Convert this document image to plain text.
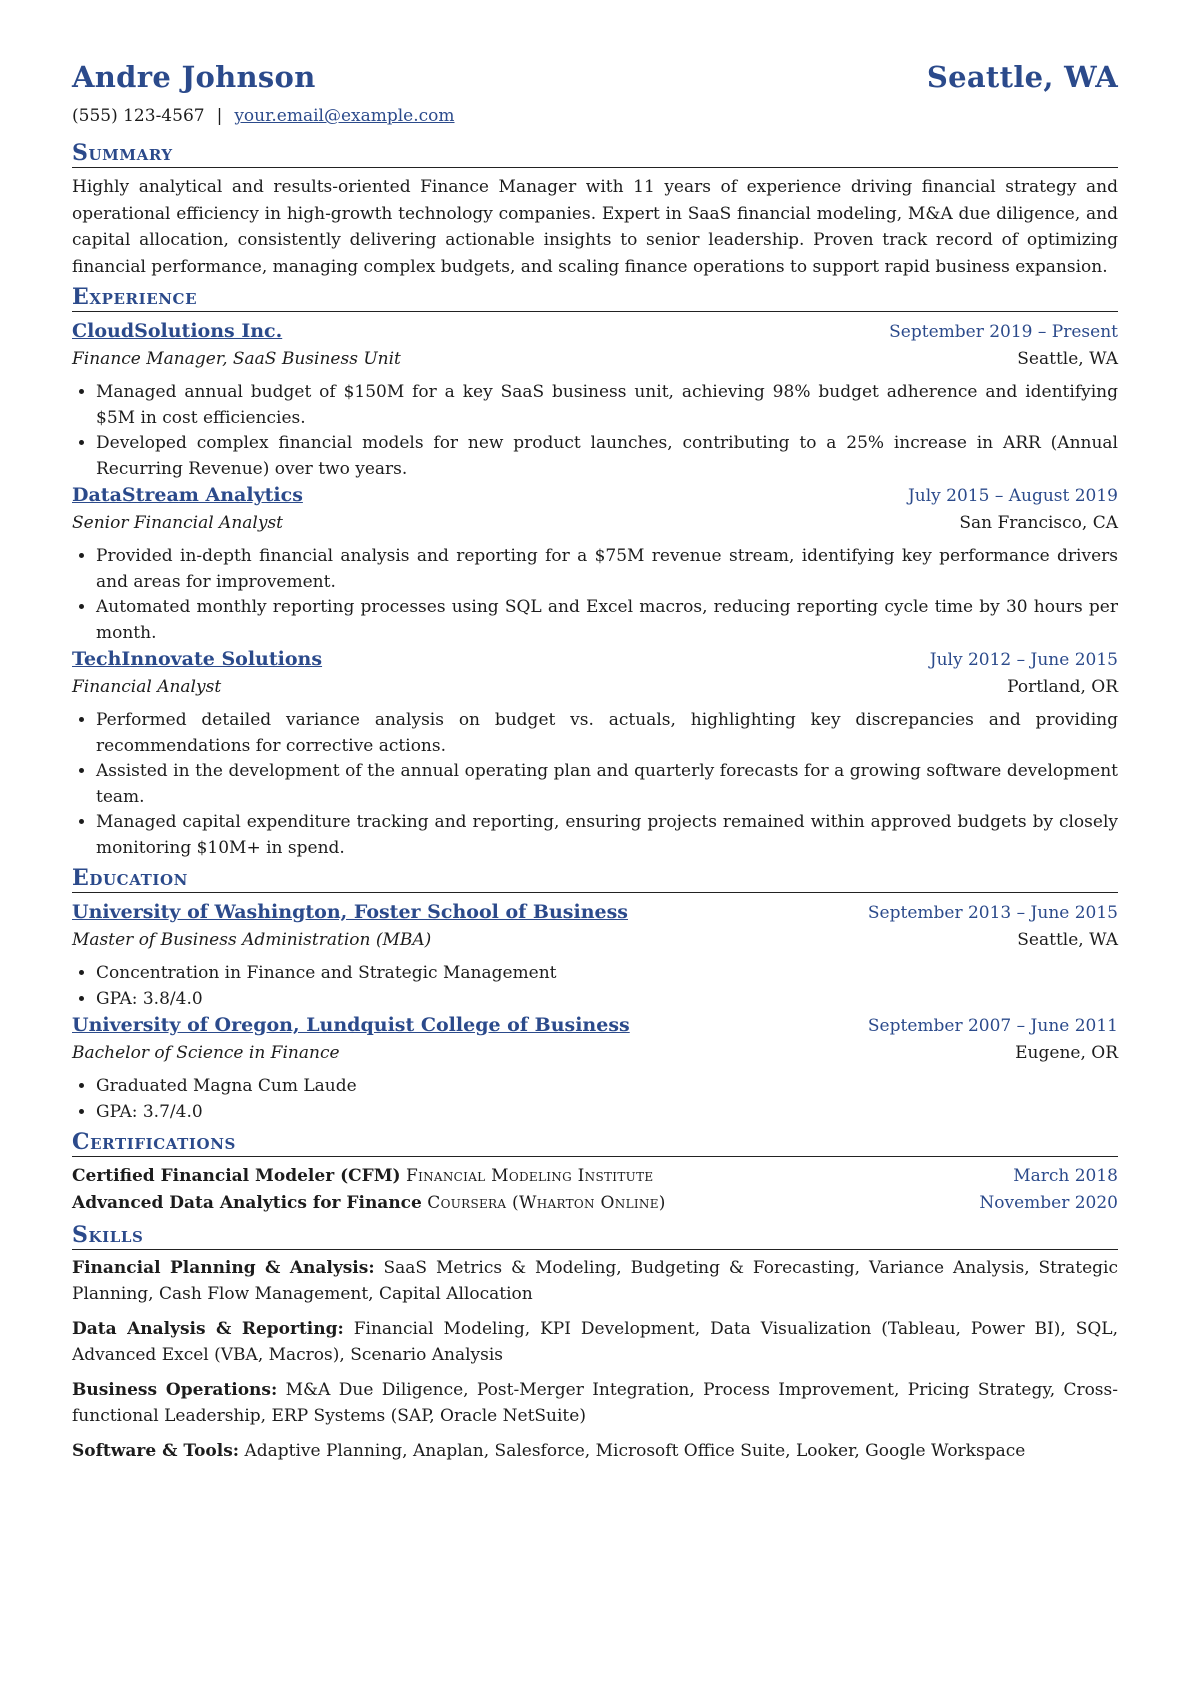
Andre Johnson	Seattle, WA
(555) 123-4567 | your.email@example.com
Summary

Highly analytical and results-oriented Finance Manager with 11 years of experience driving financial strategy and operational efficiency in high-growth technology companies. Expert in SaaS financial modeling, M&A due diligence, and capital allocation, consistently delivering actionable insights to senior leadership. Proven track record of optimizing financial performance, managing complex budgets, and scaling finance operations to support rapid business expansion.

Experience
CloudSolutions Inc.	September 2019 – Present
Finance Manager, SaaS Business Unit	Seattle, WA
• Managed annual budget of $150M for a key SaaS business unit, achieving 98% budget adherence and identifying $5M in cost efficiencies.
• Developed complex financial models for new product launches, contributing to a 25% increase in ARR (Annual Recurring Revenue) over two years.
DataStream Analytics	July 2015 – August 2019
Senior Financial Analyst	San Francisco, CA
• Provided in-depth financial analysis and reporting for a $75M revenue stream, identifying key performance drivers and areas for improvement.
• Automated monthly reporting processes using SQL and Excel macros, reducing reporting cycle time by 30 hours per month.
TechInnovate Solutions	July 2012 – June 2015
Financial Analyst	Portland, OR
• Performed detailed variance analysis on budget vs. actuals, highlighting key discrepancies and providing recommendations for corrective actions.
• Assisted in the development of the annual operating plan and quarterly forecasts for a growing software development team.
• Managed capital expenditure tracking and reporting, ensuring projects remained within approved budgets by closely monitoring $10M+ in spend.
Education
University of Washington, Foster School of Business	September 2013 – June 2015
Master of Business Administration (MBA)	Seattle, WA
• Concentration in Finance and Strategic Management
• GPA: 3.8/4.0
University of Oregon, Lundquist College of Business	September 2007 – June 2011
Bachelor of Science in Finance	Eugene, OR
• Graduated Magna Cum Laude
• GPA: 3.7/4.0
Certifications
Certified Financial Modeler (CFM) Financial Modeling Institute	March 2018
Advanced Data Analytics for Finance Coursera (Wharton Online)	November 2020
Skills

Financial Planning & Analysis: SaaS Metrics & Modeling, Budgeting & Forecasting, Variance Analysis, Strategic Planning, Cash Flow Management, Capital Allocation

Data Analysis & Reporting: Financial Modeling, KPI Development, Data Visualization (Tableau, Power BI), SQL, Advanced Excel (VBA, Macros), Scenario Analysis

Business Operations: M&A Due Diligence, Post-Merger Integration, Process Improvement, Pricing Strategy, Cross-functional Leadership, ERP Systems (SAP, Oracle NetSuite)

Software & Tools: Adaptive Planning, Anaplan, Salesforce, Microsoft Office Suite, Looker, Google Workspace
